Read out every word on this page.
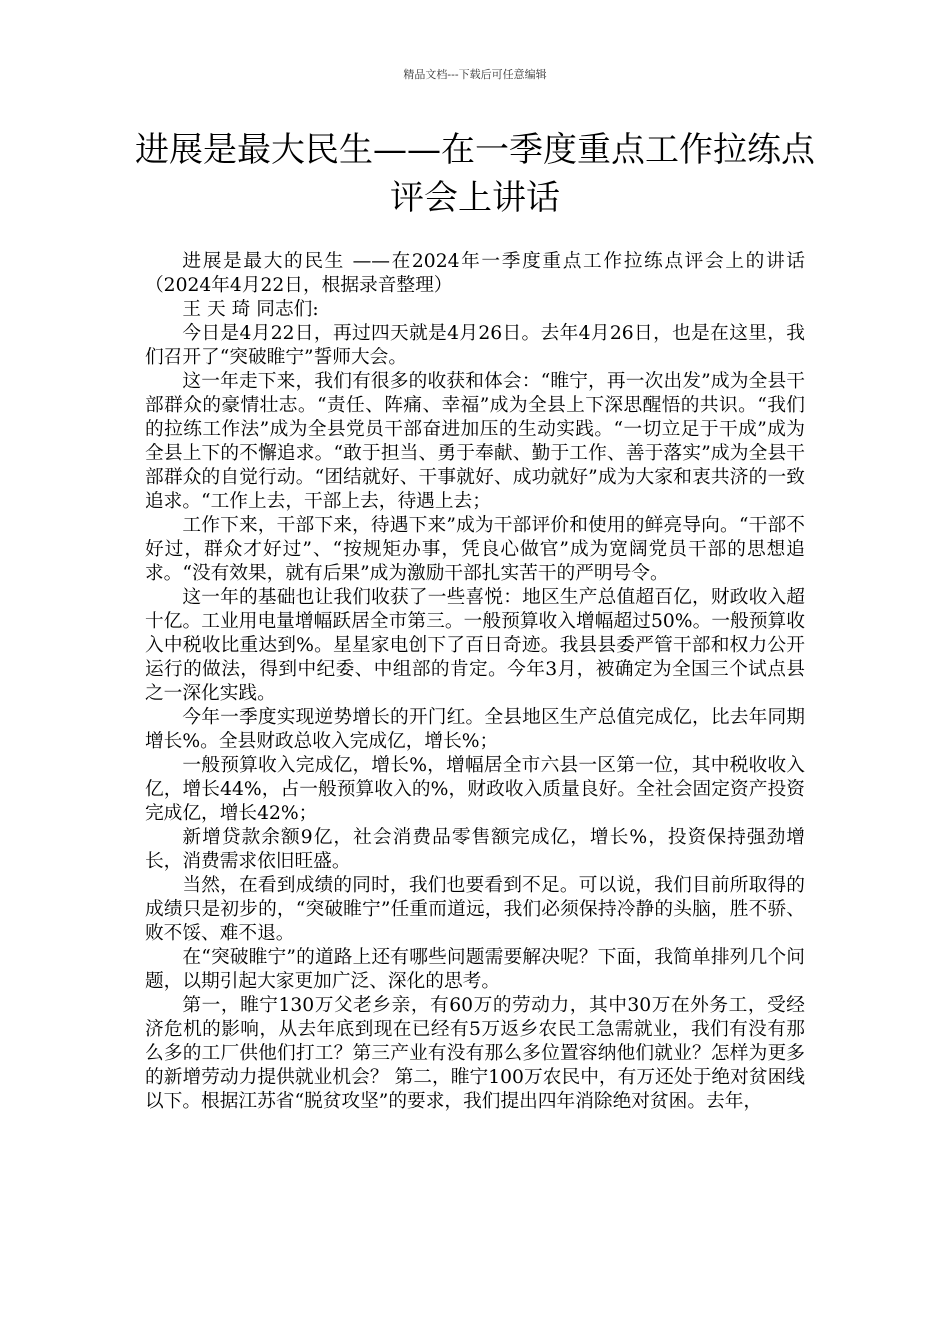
精品文档---下载后可任意编辑
进展是最大民生——在一季度重点工作拉练点评会上讲话

进展是最大的民生 ——在2024年一季度重点工作拉练点评会上的讲话 （2024年4月22日，根据录音整理）

王 天 琦 同志们:

今日是4月22日，再过四天就是4月26日。去年4月26日，也是在这里，我们召开了“突破睢宁”誓师大会。

这一年走下来，我们有很多的收获和体会：“睢宁，再一次出发”成为全县干部群众的豪情壮志。“责任、阵痛、幸福”成为全县上下深思醒悟的共识。“我们的拉练工作法”成为全县党员干部奋进加压的生动实践。“一切立足于干成”成为全县上下的不懈追求。“敢于担当、勇于奉献、勤于工作、善于落实”成为全县干部群众的自觉行动。“团结就好、干事就好、成功就好”成为大家和衷共济的一致追求。“工作上去，干部上去，待遇上去；

工作下来，干部下来，待遇下来”成为干部评价和使用的鲜亮导向。“干部不好过，群众才好过”、“按规矩办事，凭良心做官”成为宽阔党员干部的思想追求。“没有效果，就有后果”成为激励干部扎实苦干的严明号令。

这一年的基础也让我们收获了一些喜悦：地区生产总值超百亿，财政收入超十亿。工业用电量增幅跃居全市第三。一般预算收入增幅超过50%。一般预算收入中税收比重达到%。星星家电创下了百日奇迹。我县县委严管干部和权力公开运行的做法，得到中纪委、中组部的肯定。今年3月，被确定为全国三个试点县之一深化实践。

今年一季度实现逆势增长的开门红。全县地区生产总值完成亿，比去年同期增长%。全县财政总收入完成亿，增长%；

一般预算收入完成亿，增长%，增幅居全市六县一区第一位，其中税收收入亿，增长44%，占一般预算收入的%，财政收入质量良好。全社会固定资产投资完成亿，增长42%；

新增贷款余额9亿，社会消费品零售额完成亿，增长%，投资保持强劲增长，消费需求依旧旺盛。

当然，在看到成绩的同时，我们也要看到不足。可以说，我们目前所取得的成绩只是初步的，“突破睢宁”任重而道远，我们必须保持冷静的头脑，胜不骄、败不馁、难不退。

在“突破睢宁”的道路上还有哪些问题需要解决呢？下面，我简单排列几个问题，以期引起大家更加广泛、深化的思考。

第一，睢宁130万父老乡亲，有60万的劳动力，其中30万在外务工，受经济危机的影响，从去年底到现在已经有5万返乡农民工急需就业，我们有没有那么多的工厂供他们打工？第三产业有没有那么多位置容纳他们就业？怎样为更多的新增劳动力提供就业机会？ 第二，睢宁100万农民中，有万还处于绝对贫困线以下。根据江苏省“脱贫攻坚”的要求，我们提出四年消除绝对贫困。去年，
